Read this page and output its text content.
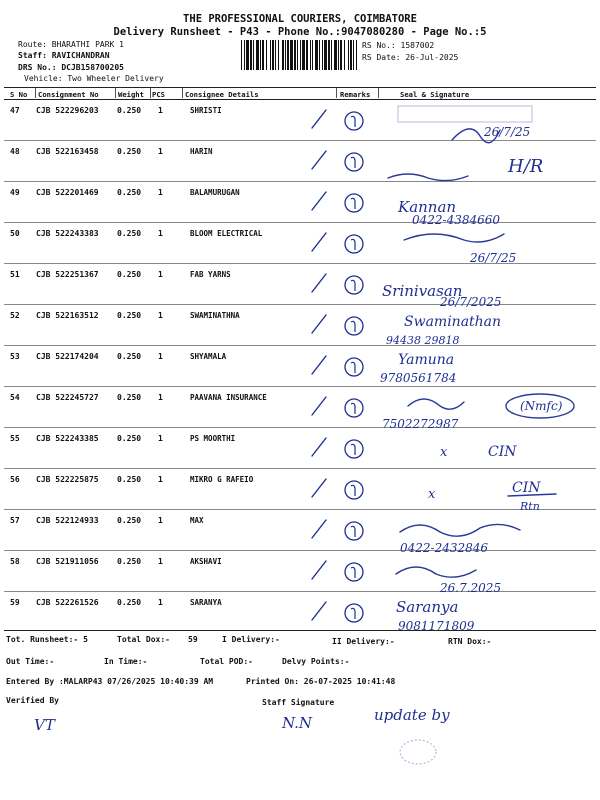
THE PROFESSIONAL COURIERS, COIMBATORE
Delivery Runsheet - P43 - Phone No.:9047080280 - Page No.:5
Route: BHARATHI PARK 1
Staff: RAVICHANDRAN
DRS No.: DCJB158700205
Vehicle: Two Wheeler Delivery
RS No.: 1587002
RS Date: 26-Jul-2025
S No Consignment No	Weight PCS	Consignee Details	Remarks	Seal & Signature
47 CJB 522296203 0.250 1	SHRISTI
48 CJB 522163458 0.250 1	HARIN
49 CJB 522201469 0.250 1	BALAMURUGAN
50 CJB 522243383 0.250 1	BLOOM ELECTRICAL
51 CJB 522251367 0.250 1	FAB YARNS
52 CJB 522163512 0.250 1	SWAMINATHNA
53 CJB 522174204 0.250 1	SHYAMALA
54 CJB 522245727 0.250 1	PAAVANA INSURANCE
55 CJB 522243385 0.250 1	PS MOORTHI
56 CJB 522225875 0.250 1	MIKRO G RAFEIO
57 CJB 522124933 0.250 1	MAX
58 CJB 521911056 0.250 1	AKSHAVI
59 CJB 522261526 0.250 1	SARANYA
26/7/25
H/R
Kannan
0422-4384660
26/7/25
Srinivasan
26/7/2025
Swaminathan
94438 29818
Yamuna
9780561784
(Nmfc)
7502272987
x	CIN
x	CIN
Rtn
0422-2432846
26.7.2025
Saranya
9081171809
update by
N.N
VT
Tot. Runsheet:- 5	Total Dox:- 59	I Delivery:-	II Delivery:-	RTN Dox:-
Out Time:-	In Time:-	Total POD:-	Delvy Points:-
Entered By :MALARP43 07/26/2025 10:40:39 AM	Printed On: 26-07-2025 10:41:48
Verified By	Staff Signature
